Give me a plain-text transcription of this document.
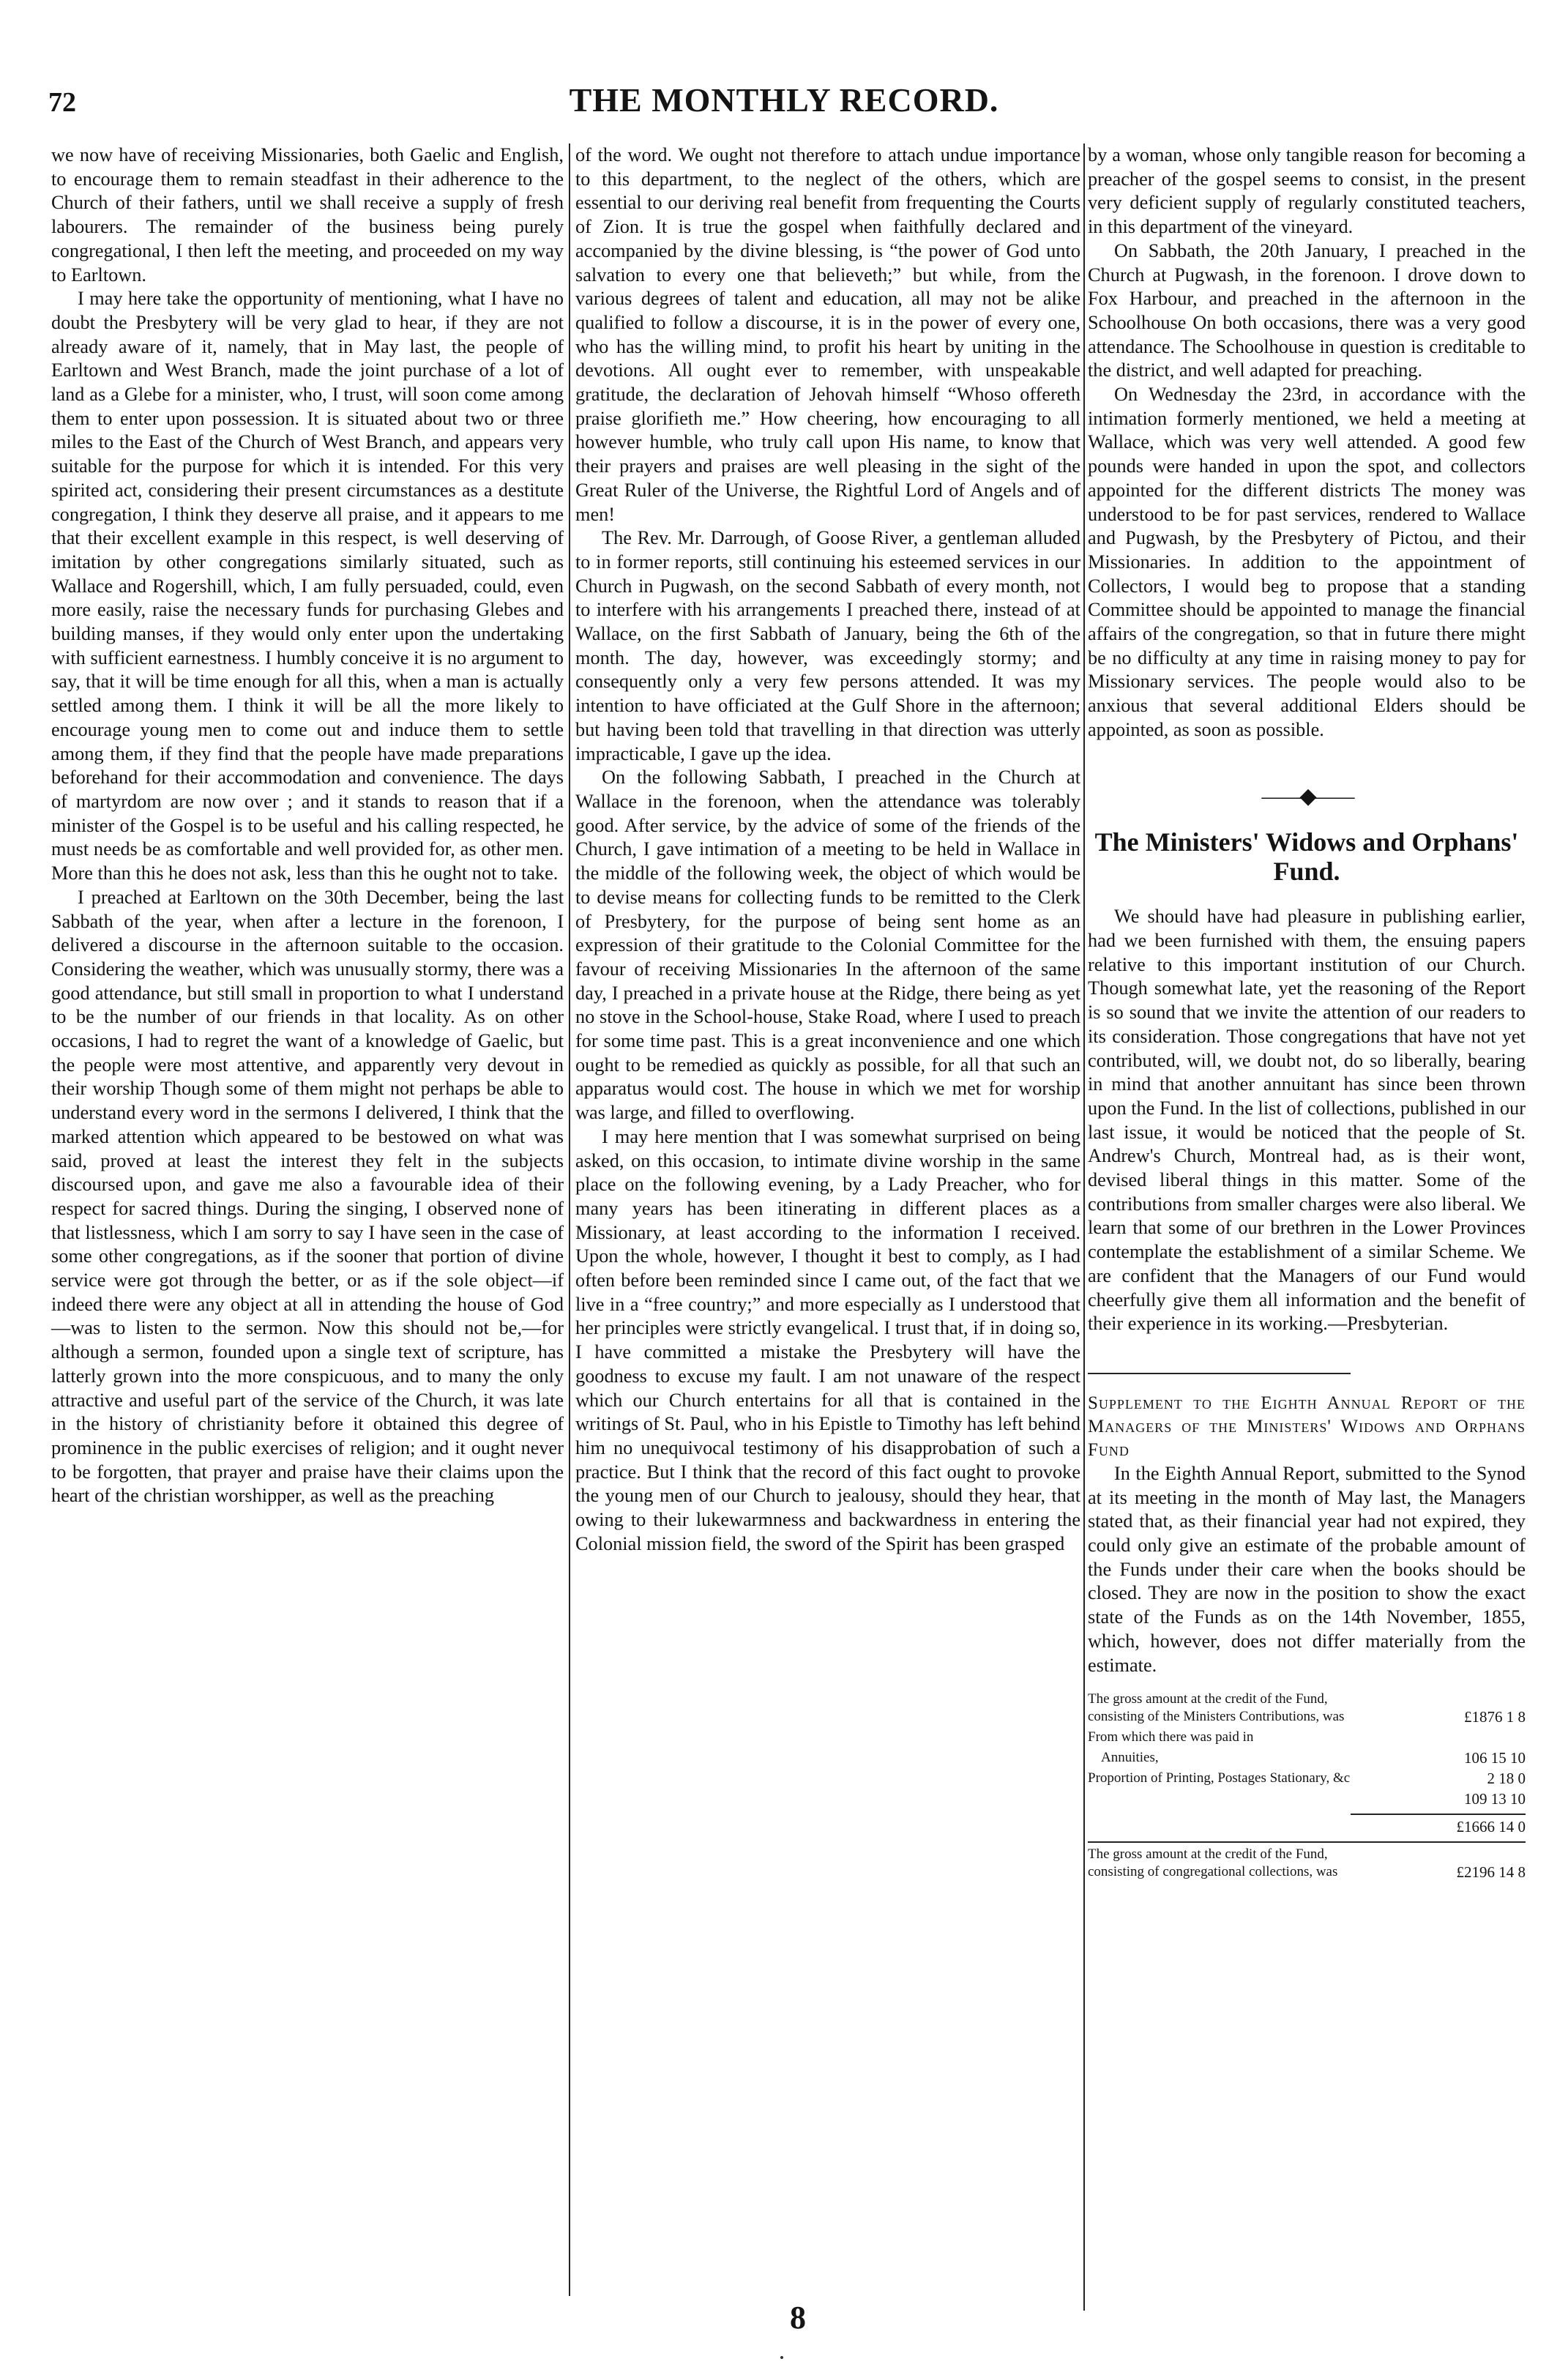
72	THE MONTHLY RECORD.

we now have of receiving Missionaries, both Gaelic and English, to encourage them to remain steadfast in their adherence to the Church of their fathers, until we shall receive a supply of fresh labourers. The remainder of the business being purely congregational, I then left the meeting, and proceeded on my way to Earltown.

I may here take the opportunity of mentioning, what I have no doubt the Presbytery will be very glad to hear, if they are not already aware of it, namely, that in May last, the people of Earltown and West Branch, made the joint purchase of a lot of land as a Glebe for a minister, who, I trust, will soon come among them to enter upon possession. It is situated about two or three miles to the East of the Church of West Branch, and appears very suitable for the purpose for which it is intended. For this very spirited act, considering their present circumstances as a destitute congregation, I think they deserve all praise, and it appears to me that their excellent example in this respect, is well deserving of imitation by other congregations similarly situated, such as Wallace and Rogershill, which, I am fully persuaded, could, even more easily, raise the necessary funds for purchasing Glebes and building manses, if they would only enter upon the undertaking with sufficient earnestness. I humbly conceive it is no argument to say, that it will be time enough for all this, when a man is actually settled among them. I think it will be all the more likely to encourage young men to come out and induce them to settle among them, if they find that the people have made preparations beforehand for their accommodation and convenience. The days of martyrdom are now over ; and it stands to reason that if a minister of the Gospel is to be useful and his calling respected, he must needs be as comfortable and well provided for, as other men. More than this he does not ask, less than this he ought not to take.

I preached at Earltown on the 30th December, being the last Sabbath of the year, when after a lecture in the forenoon, I delivered a discourse in the afternoon suitable to the occasion. Considering the weather, which was unusually stormy, there was a good attendance, but still small in proportion to what I understand to be the number of our friends in that locality. As on other occasions, I had to regret the want of a knowledge of Gaelic, but the people were most attentive, and apparently very devout in their worship Though some of them might not perhaps be able to understand every word in the sermons I delivered, I think that the marked attention which appeared to be bestowed on what was said, proved at least the interest they felt in the subjects discoursed upon, and gave me also a favourable idea of their respect for sacred things. During the singing, I observed none of that listlessness, which I am sorry to say I have seen in the case of some other congregations, as if the sooner that portion of divine service were got through the better, or as if the sole object—if indeed there were any object at all in attending the house of God—was to listen to the sermon. Now this should not be,—for although a sermon, founded upon a single text of scripture, has latterly grown into the more conspicuous, and to many the only attractive and useful part of the service of the Church, it was late in the history of christianity before it obtained this degree of prominence in the public exercises of religion; and it ought never to be forgotten, that prayer and praise have their claims upon the heart of the christian worshipper, as well as the preaching

of the word. We ought not therefore to attach undue importance to this department, to the neglect of the others, which are essential to our deriving real benefit from frequenting the Courts of Zion. It is true the gospel when faithfully declared and accompanied by the divine blessing, is “the power of God unto salvation to every one that believeth;” but while, from the various degrees of talent and education, all may not be alike qualified to follow a discourse, it is in the power of every one, who has the willing mind, to profit his heart by uniting in the devotions. All ought ever to remember, with unspeakable gratitude, the declaration of Jehovah himself “Whoso offereth praise glorifieth me.” How cheering, how encouraging to all however humble, who truly call upon His name, to know that their prayers and praises are well pleasing in the sight of the Great Ruler of the Universe, the Rightful Lord of Angels and of men!

The Rev. Mr. Darrough, of Goose River, a gentleman alluded to in former reports, still continuing his esteemed services in our Church in Pugwash, on the second Sabbath of every month, not to interfere with his arrangements I preached there, instead of at Wallace, on the first Sabbath of January, being the 6th of the month. The day, however, was exceedingly stormy; and consequently only a very few persons attended. It was my intention to have officiated at the Gulf Shore in the afternoon; but having been told that travelling in that direction was utterly impracticable, I gave up the idea.

On the following Sabbath, I preached in the Church at Wallace in the forenoon, when the attendance was tolerably good. After service, by the advice of some of the friends of the Church, I gave intimation of a meeting to be held in Wallace in the middle of the following week, the object of which would be to devise means for collecting funds to be remitted to the Clerk of Presbytery, for the purpose of being sent home as an expression of their gratitude to the Colonial Committee for the favour of receiving Missionaries In the afternoon of the same day, I preached in a private house at the Ridge, there being as yet no stove in the School-house, Stake Road, where I used to preach for some time past. This is a great inconvenience and one which ought to be remedied as quickly as possible, for all that such an apparatus would cost. The house in which we met for worship was large, and filled to overflowing.

I may here mention that I was somewhat surprised on being asked, on this occasion, to intimate divine worship in the same place on the following evening, by a Lady Preacher, who for many years has been itinerating in different places as a Missionary, at least according to the information I received. Upon the whole, however, I thought it best to comply, as I had often before been reminded since I came out, of the fact that we live in a “free country;” and more especially as I understood that her principles were strictly evangelical. I trust that, if in doing so, I have committed a mistake the Presbytery will have the goodness to excuse my fault. I am not unaware of the respect which our Church entertains for all that is contained in the writings of St. Paul, who in his Epistle to Timothy has left behind him no unequivocal testimony of his disapprobation of such a practice. But I think that the record of this fact ought to provoke the young men of our Church to jealousy, should they hear, that owing to their lukewarmness and backwardness in entering the Colonial mission field, the sword of the Spirit has been grasped

by a woman, whose only tangible reason for becoming a preacher of the gospel seems to consist, in the present very deficient supply of regularly constituted teachers, in this department of the vineyard.

On Sabbath, the 20th January, I preached in the Church at Pugwash, in the forenoon. I drove down to Fox Harbour, and preached in the afternoon in the Schoolhouse On both occasions, there was a very good attendance. The Schoolhouse in question is creditable to the district, and well adapted for preaching.

On Wednesday the 23rd, in accordance with the intimation formerly mentioned, we held a meeting at Wallace, which was very well attended. A good few pounds were handed in upon the spot, and collectors appointed for the different districts The money was understood to be for past services, rendered to Wallace and Pugwash, by the Presbytery of Pictou, and their Missionaries. In addition to the appointment of Collectors, I would beg to propose that a standing Committee should be appointed to manage the financial affairs of the congregation, so that in future there might be no difficulty at any time in raising money to pay for Missionary services. The people would also to be anxious that several additional Elders should be appointed, as soon as possible.

——◆——
The Ministers' Widows and Orphans' Fund.

We should have had pleasure in publishing earlier, had we been furnished with them, the ensuing papers relative to this important institution of our Church. Though somewhat late, yet the reasoning of the Report is so sound that we invite the attention of our readers to its consideration. Those congregations that have not yet contributed, will, we doubt not, do so liberally, bearing in mind that another annuitant has since been thrown upon the Fund. In the list of collections, published in our last issue, it would be noticed that the people of St. Andrew's Church, Montreal had, as is their wont, devised liberal things in this matter. Some of the contributions from smaller charges were also liberal. We learn that some of our brethren in the Lower Provinces contemplate the establishment of a similar Scheme. We are confident that the Managers of our Fund would cheerfully give them all information and the benefit of their experience in its working.—Presbyterian.

Supplement to the Eighth Annual Report of the Managers of the Ministers' Widows and Orphans Fund

In the Eighth Annual Report, submitted to the Synod at its meeting in the month of May last, the Managers stated that, as their financial year had not expired, they could only give an estimate of the probable amount of the Funds under their care when the books should be closed. They are now in the position to show the exact state of the Funds as on the 14th November, 1855, which, however, does not differ materially from the estimate.

The gross amount at the credit of the Fund, consisting of the Ministers Contributions, was	£1876 1 8
From which there was paid in
Annuities,	106 15 10
Proportion of Printing, Postages Stationary, &c	2 18 0
109 13 10
£1666 14 0
The gross amount at the credit of the Fund, consisting of congregational collections, was	£2196 14 8
8
